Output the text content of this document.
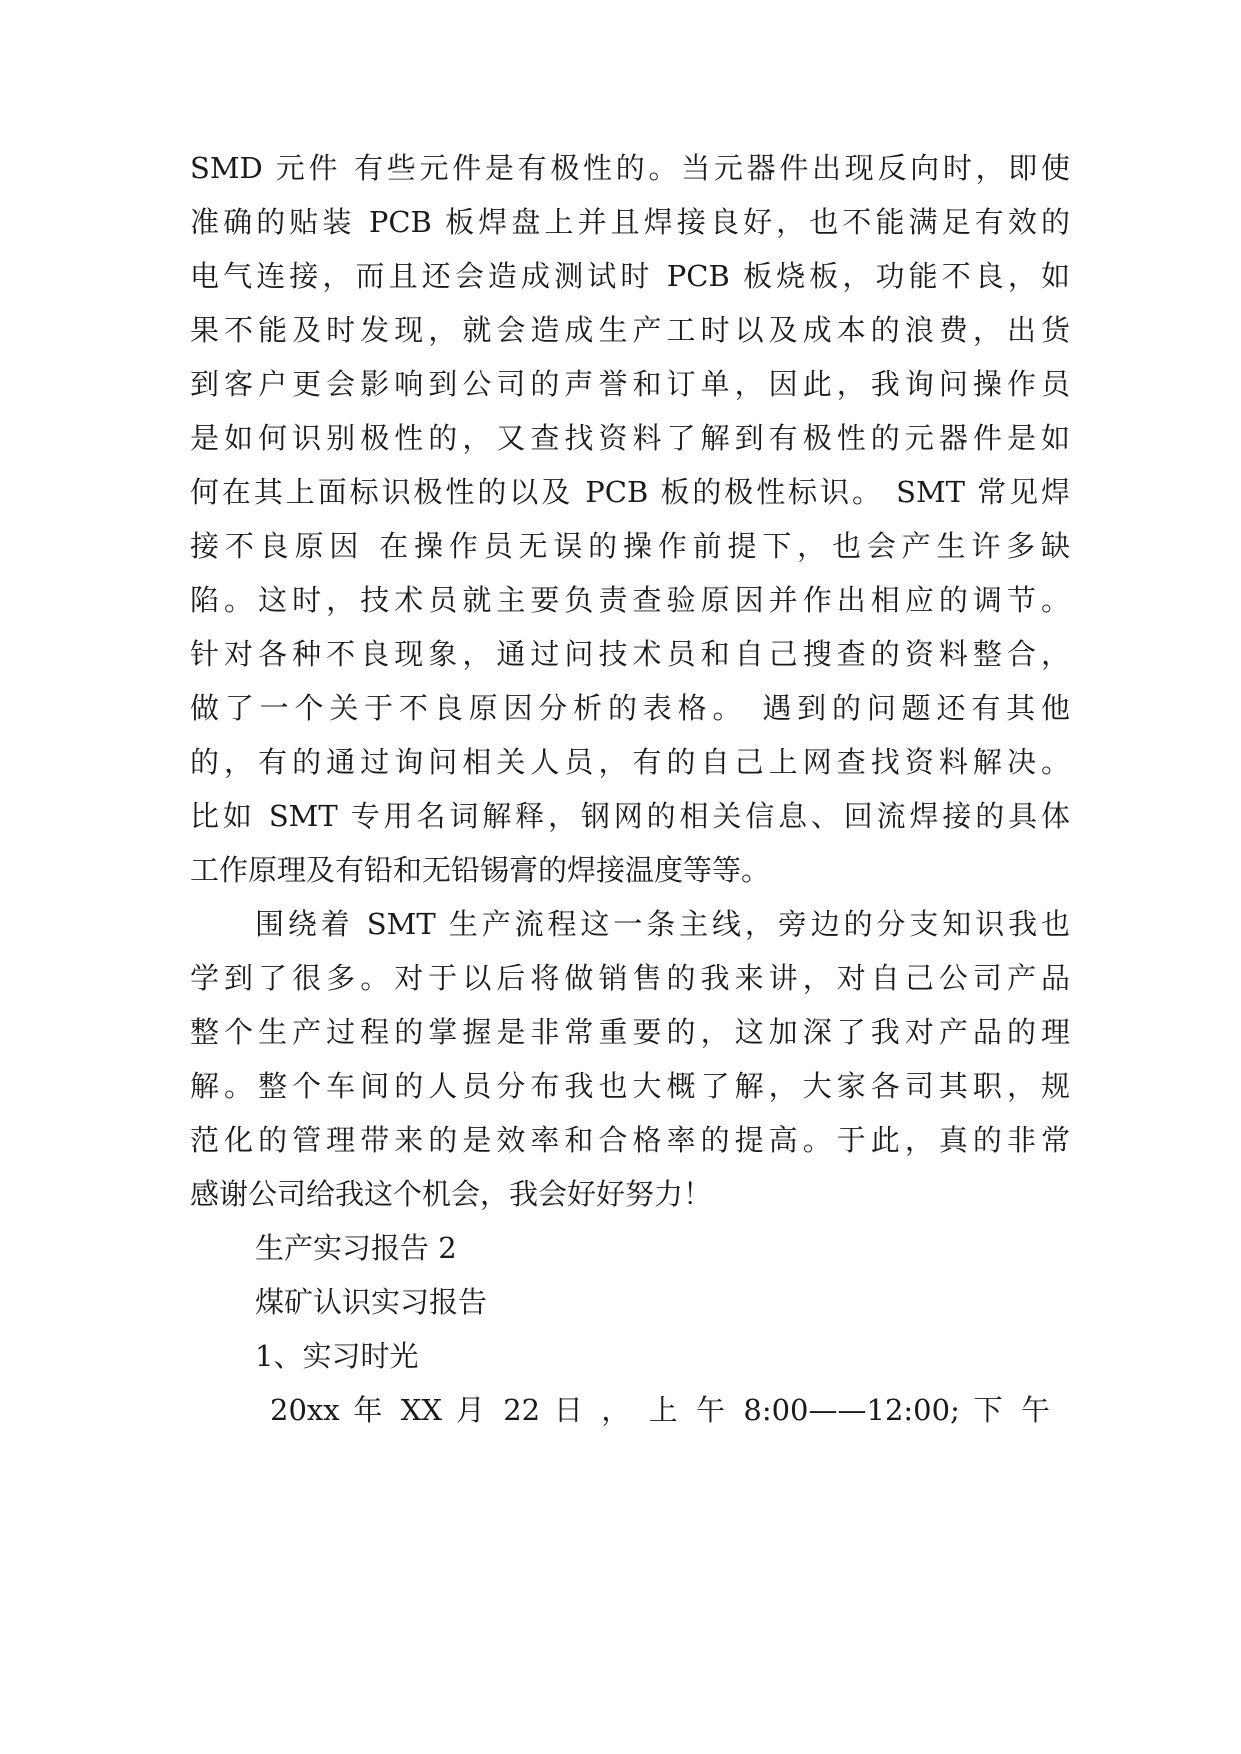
SMD 元件 有些元件是有极性的。当元器件出现反向时，即使
准确的贴装 PCB 板焊盘上并且焊接良好，也不能满足有效的
电气连接，而且还会造成测试时 PCB 板烧板，功能不良，如
果不能及时发现，就会造成生产工时以及成本的浪费，出货
到客户更会影响到公司的声誉和订单，因此，我询问操作员
是如何识别极性的，又查找资料了解到有极性的元器件是如
何在其上面标识极性的以及 PCB 板的极性标识。 SMT 常见焊
接不良原因 在操作员无误的操作前提下，也会产生许多缺
陷。这时，技术员就主要负责查验原因并作出相应的调节。
针对各种不良现象，通过问技术员和自己搜查的资料整合，
做了一个关于不良原因分析的表格。 遇到的问题还有其他
的，有的通过询问相关人员，有的自己上网查找资料解决。
比如 SMT 专用名词解释，钢网的相关信息、回流焊接的具体
工作原理及有铅和无铅锡膏的焊接温度等等。
围绕着 SMT 生产流程这一条主线，旁边的分支知识我也
学到了很多。对于以后将做销售的我来讲，对自己公司产品
整个生产过程的掌握是非常重要的，这加深了我对产品的理
解。整个车间的人员分布我也大概了解，大家各司其职，规
范化的管理带来的是效率和合格率的提高。于此，真的非常
感谢公司给我这个机会，我会好好努力！
生产实习报告 2
煤矿认识实习报告
1、实习时光
20xx 年 XX 月 22 日 ， 上 午 8:00——12:00; 下 午
